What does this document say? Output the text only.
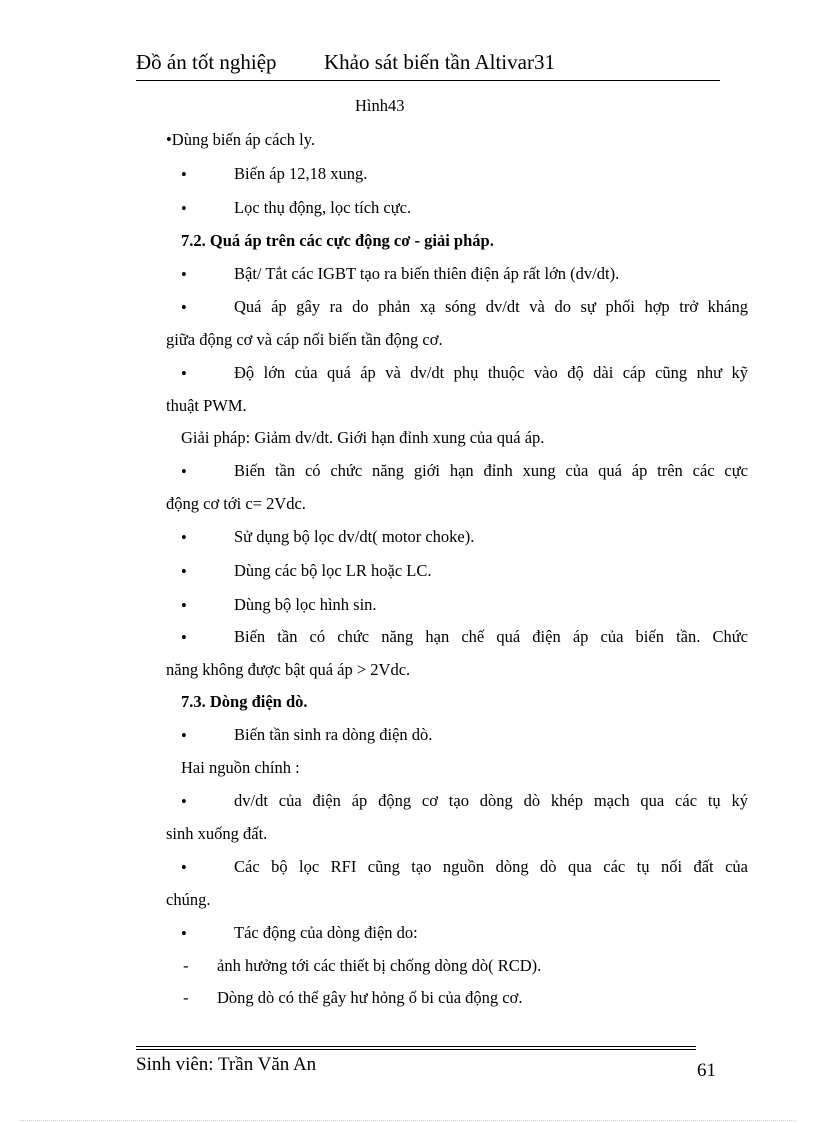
Đồ án tốt nghiệp Khảo sát biến tần Altivar31
Hình43
•Dùng biến áp cách ly.
•	Biến áp 12,18 xung.
•	Lọc thụ động, lọc tích cực.
7.2. Quá áp trên các cực động cơ - giải pháp.
•	Bật/ Tắt các IGBT tạo ra biến thiên điện áp rất lớn (dv/dt).
•	Quá áp gây ra do phản xạ sóng dv/dt và do sự phối hợp trở kháng
giữa động cơ và cáp nối biến tần động cơ.
•	Độ lớn của quá áp và dv/dt phụ thuộc vào độ dài cáp cũng như kỹ
thuật PWM.
Giải pháp: Giảm dv/dt. Giới hạn đỉnh xung của quá áp.
•	Biến tần có chức năng giới hạn đỉnh xung của quá áp trên các cực
động cơ tới c= 2Vdc.
•	Sử dụng bộ lọc dv/dt( motor choke).
•	Dùng các bộ lọc LR hoặc LC.
•	Dùng bộ lọc hình sin.
•	Biến tần có chức năng hạn chế quá điện áp của biến tần. Chức
năng không được bật quá áp > 2Vdc.
7.3. Dòng điện dò.
•	Biến tần sinh ra dòng điện dò.
Hai nguồn chính :
•	dv/dt của điện áp động cơ tạo dòng dò khép mạch qua các tụ ký
sinh xuống đất.
•	Các bộ lọc RFI cũng tạo nguồn dòng dò qua các tụ nối đất của
chúng.
•	Tác động của dòng điện do:
- ảnh hưởng tới các thiết bị chống dòng dò( RCD).
- Dòng dò có thể gây hư hỏng ổ bi của động cơ.
Sinh viên: Trần Văn An	61
